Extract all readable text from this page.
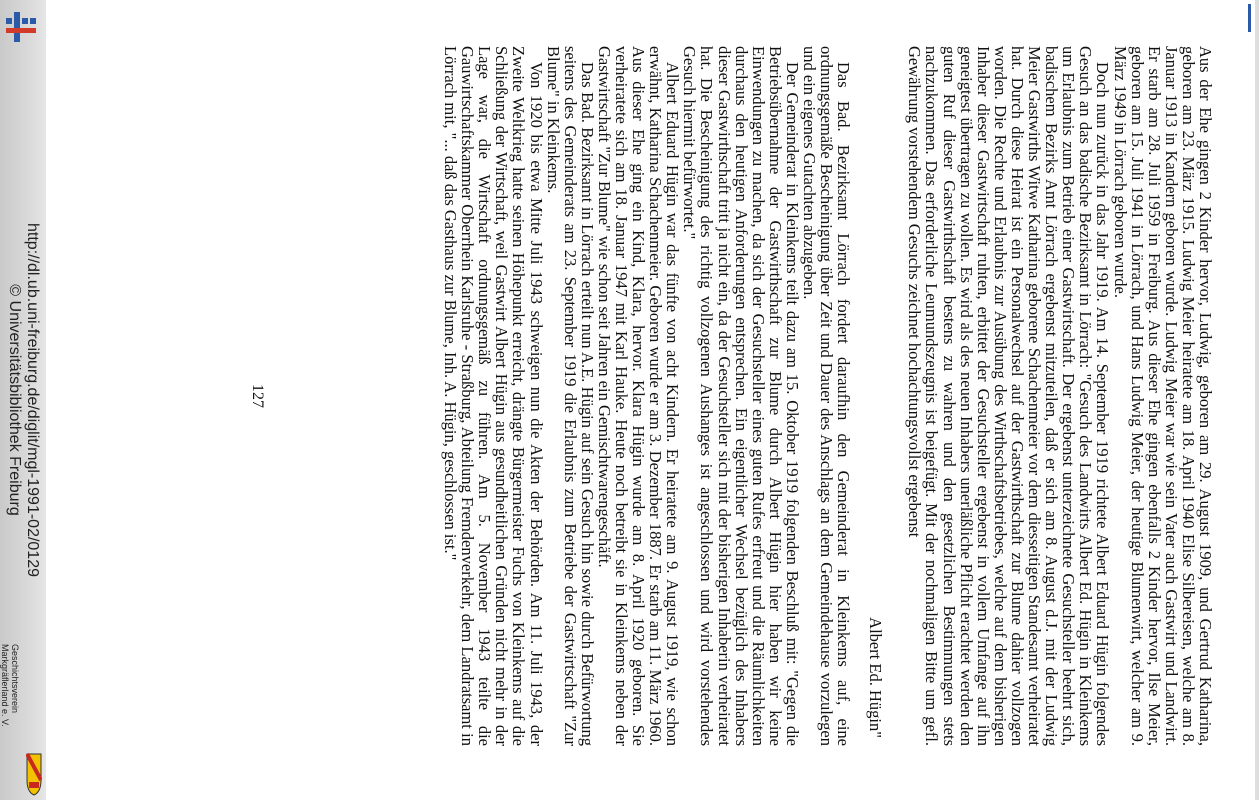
http://dl.ub.uni-freiburg.de/diglit/mgl-1991-02/0129
© Universitätsbibliothek Freiburg
Geschichtsverein
Markgräflerland e. V.	Aus der Ehe gingen 2 Kinder hervor, Ludwig, geboren am 29. August 1909, und Gertrud Katharina, geboren am 23. März 1915. Ludwig Meier heiratete am 18. April 1940 Elise Silbereisen, welche am 8. Januar 1913 in Kandern geboren wurde. Ludwig Meier war wie sein Vater auch Gastwirt und Landwirt. Er starb am 28. Juli 1959 in Freiburg. Aus dieser Ehe gingen ebenfalls 2 Kinder hervor, Ilse Meier, geboren am 15. Juli 1941 in Lörrach, und Hans Ludwig Meier, der heutige Blumenwirt, welcher am 9. März 1949 in Lörrach geboren wurde.

Doch nun zurück in das Jahr 1919. Am 14. September 1919 richtete Albert Eduard Hügin folgendes Gesuch an das badische Bezirksamt in Lörrach: "Gesuch des Landwirts Albert Ed. Hügin in Kleinkems um Erlaubnis zum Betrieb einer Gastwirtschaft. Der ergebenst unterzeichnete Gesuchsteller beehrt sich, badischem Bezirks Amt Lörrach ergebenst mitzuteilen, daß er sich am 8. August d.J. mit der Ludwig Meier Gastwirths Witwe Katharina geborene Schachenmeier vor dem diesseitigen Standesamt verheiratet hat. Durch diese Heirat ist ein Personalwechsel auf der Gastwirthschaft zur Blume dahier vollzogen worden. Die Rechte und Erlaubnis zur Ausübung des Wirthschaftsbetriebes, welche auf dem bisherigen Inhaber dieser Gastwirtschaft ruhten, erbittet der Gesuchsteller ergebenst in vollem Umfange auf ihn geneigtest übertragen zu wollen. Es wird als des neuen Inhabers unerläßliche Pflicht erachtet werden den guten Ruf dieser Gastwirthschaft bestens zu wahren und den gesetzlichen Bestimmungen stets nachzukommen. Das erforderliche Leumundszeugnis ist beigefügt. Mit der nochmaligen Bitte um gefl. Gewährung vorstehendem Gesuchs zeichnet hochachtungsvollst ergebenst

Albert Ed. Hügin"

Das Bad. Bezirksamt Lörrach fordert daraufhin den Gemeinderat in Kleinkems auf, eine ordnungsgemäße Bescheinigung über Zeit und Dauer des Anschlags an dem Gemeindehause vorzulegen und ein eigenes Gutachten abzugeben.

Der Gemeinderat in Kleinkems teilt dazu am 15. Oktober 1919 folgenden Beschluß mit: "Gegen die Betriebsübernahme der Gastwirthschaft zur Blume durch Albert Hügin hier haben wir keine Einwendungen zu machen, da sich der Gesuchsteller eines guten Rufes erfreut und die Räumlichkeiten durchaus den heutigen Anforderungen entsprechen. Ein eigentlicher Wechsel bezüglich des Inhabers dieser Gastwirthschaft tritt ja nicht ein, da der Gesuchsteller sich mit der bisherigen Inhaberin verheiratet hat. Die Bescheinigung des richtig vollzogenen Aushanges ist angeschlossen und wird vorstehendes Gesuch hiermit befürwortet."

Albert Eduard Hügin war das fünfte von acht Kindern. Er heiratete am 9. August 1919, wie schon erwähnt, Katharina Schachenmeier. Geboren wurde er am 3. Dezember 1887. Er starb am 11. März 1960. Aus dieser Ehe ging ein Kind, Klara, hervor. Klara Hügin wurde am 8. April 1920 geboren. Sie verheiratete sich am 18. Januar 1947 mit Karl Hauke. Heute noch betreibt sie in Kleinkems neben der Gastwirtschaft "Zur Blume" wie schon seit Jahren ein Gemischtwarengeschäft.

Das Bad. Bezirksamt in Lörrach erteilt nun A.E. Hügin auf sein Gesuch hin sowie durch Befürwortung seitens des Gemeinderats am 23. September 1919 die Erlaubnis zum Betriebe der Gastwirtschaft "Zur Blume" in Kleinkems.

Von 1920 bis etwa Mitte Juli 1943 schweigen nun die Akten der Behörden. Am 11. Juli 1943, der Zweite Weltkrieg hatte seinen Höhepunkt erreicht, drängte Bürgermeister Fuchs von Kleinkems auf die Schließung der Wirtschaft, weil Gastwirt Albert Hügin aus gesundheitlichen Gründen nicht mehr in der Lage war, die Wirtschaft ordnungsgemäß zu führen. Am 5. November 1943 teilte die Gauwirtschaftskammer Oberrhein Karlsruhe - Straßburg, Abteilung Fremdenverkehr, dem Landratsamt in Lörrach mit, "... daß das Gasthaus zur Blume, Inh. A. Hügin, geschlossen ist."

127
